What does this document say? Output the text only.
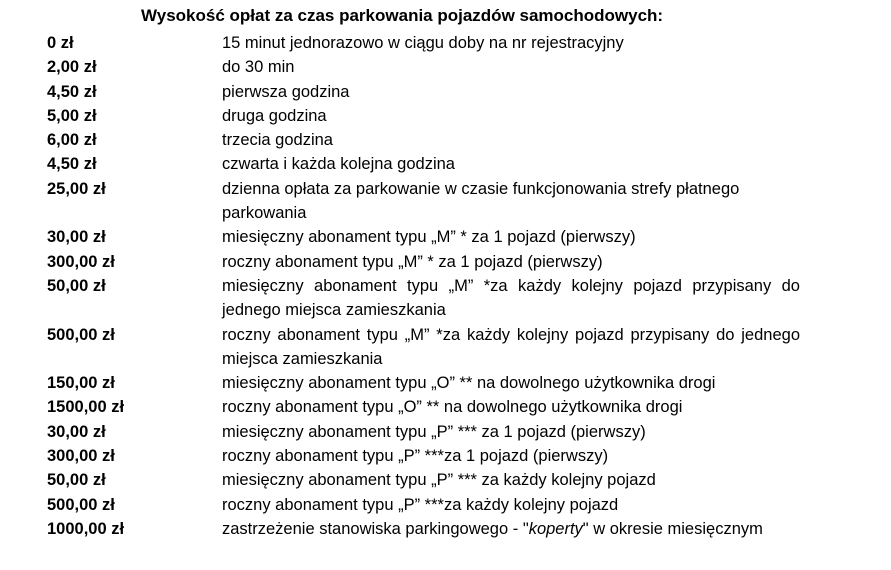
Wysokość opłat za czas parkowania pojazdów samochodowych:
0 zł	15 minut jednorazowo w ciągu doby na nr rejestracyjny
2,00 zł	do 30 min
4,50 zł	pierwsza godzina
5,00 zł	druga godzina
6,00 zł	trzecia godzina
4,50 zł	czwarta i każda kolejna godzina
25,00 zł	dzienna opłata za parkowanie w czasie funkcjonowania strefy płatnego parkowania
30,00 zł	miesięczny abonament typu „M” * za 1 pojazd (pierwszy)
300,00 zł	roczny abonament typu „M” * za 1 pojazd (pierwszy)
50,00 zł	miesięczny abonament typu „M” *za każdy kolejny pojazd przypisany do jednego miejsca zamieszkania
500,00 zł	roczny abonament typu „M” *za każdy kolejny pojazd przypisany do jednego miejsca zamieszkania
150,00 zł	miesięczny abonament typu „O” ** na dowolnego użytkownika drogi
1500,00 zł	roczny abonament typu „O” ** na dowolnego użytkownika drogi
30,00 zł	miesięczny abonament typu „P” *** za 1 pojazd (pierwszy)
300,00 zł	roczny abonament typu „P” ***za 1 pojazd (pierwszy)
50,00 zł	miesięczny abonament typu „P” *** za każdy kolejny pojazd
500,00 zł	roczny abonament typu „P” ***za każdy kolejny pojazd
1000,00 zł	zastrzeżenie stanowiska parkingowego - "koperty" w okresie miesięcznym
